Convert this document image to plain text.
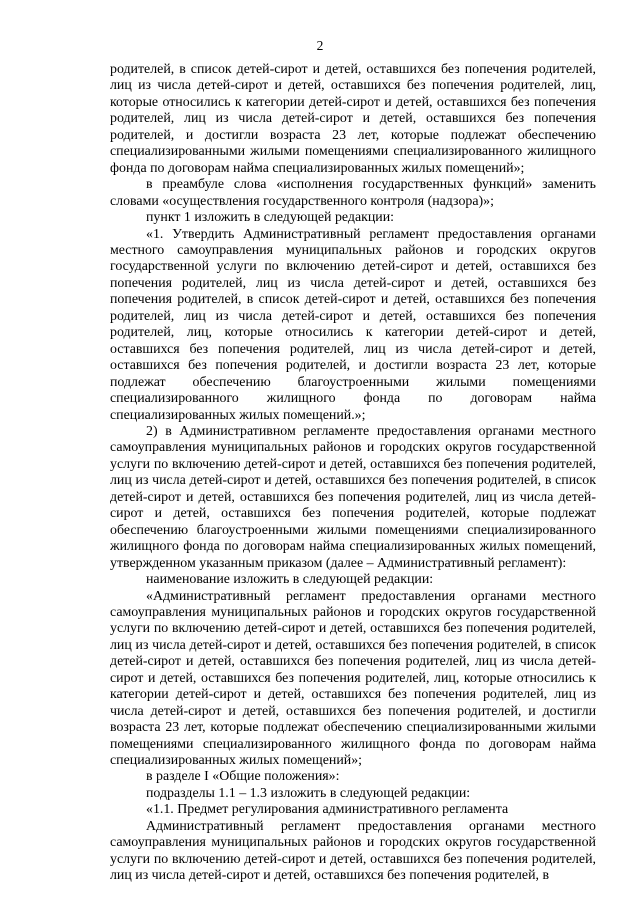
2

родителей, в список детей-сирот и детей, оставшихся без попечения родителей, лиц из числа детей-сирот и детей, оставшихся без попечения родителей, лиц, которые относились к категории детей-сирот и детей, оставшихся без попечения родителей, лиц из числа детей-сирот и детей, оставшихся без попечения родителей, и достигли возраста 23 лет, которые подлежат обеспечению специализированными жилыми помещениями специализированного жилищного фонда по договорам найма специализированных жилых помещений»;

в преамбуле слова «исполнения государственных функций» заменить словами «осуществления государственного контроля (надзора)»;

пункт 1 изложить в следующей редакции:

«1. Утвердить Административный регламент предоставления органами местного самоуправления муниципальных районов и городских округов государственной услуги по включению детей-сирот и детей, оставшихся без попечения родителей, лиц из числа детей-сирот и детей, оставшихся без попечения родителей, в список детей-сирот и детей, оставшихся без попечения родителей, лиц из числа детей-сирот и детей, оставшихся без попечения родителей, лиц, которые относились к категории детей-сирот и детей, оставшихся без попечения родителей, лиц из числа детей-сирот и детей, оставшихся без попечения родителей, и достигли возраста 23 лет, которые подлежат обеспечению благоустроенными жилыми помещениями специализированного жилищного фонда по договорам найма специализированных жилых помещений.»;

2) в Административном регламенте предоставления органами местного самоуправления муниципальных районов и городских округов государственной услуги по включению детей-сирот и детей, оставшихся без попечения родителей, лиц из числа детей-сирот и детей, оставшихся без попечения родителей, в список детей-сирот и детей, оставшихся без попечения родителей, лиц из числа детей-сирот и детей, оставшихся без попечения родителей, которые подлежат обеспечению благоустроенными жилыми помещениями специализированного жилищного фонда по договорам найма специализированных жилых помещений, утвержденном указанным приказом (далее – Административный регламент):

наименование изложить в следующей редакции:

«Административный регламент предоставления органами местного самоуправления муниципальных районов и городских округов государственной услуги по включению детей-сирот и детей, оставшихся без попечения родителей, лиц из числа детей-сирот и детей, оставшихся без попечения родителей, в список детей-сирот и детей, оставшихся без попечения родителей, лиц из числа детей-сирот и детей, оставшихся без попечения родителей, лиц, которые относились к категории детей-сирот и детей, оставшихся без попечения родителей, лиц из числа детей-сирот и детей, оставшихся без попечения родителей, и достигли возраста 23 лет, которые подлежат обеспечению специализированными жилыми помещениями специализированного жилищного фонда по договорам найма специализированных жилых помещений»;

в разделе I «Общие положения»:

подразделы 1.1 – 1.3 изложить в следующей редакции:

«1.1. Предмет регулирования административного регламента

Административный регламент предоставления органами местного самоуправления муниципальных районов и городских округов государственной услуги по включению детей-сирот и детей, оставшихся без попечения родителей, лиц из числа детей-сирот и детей, оставшихся без попечения родителей, в
